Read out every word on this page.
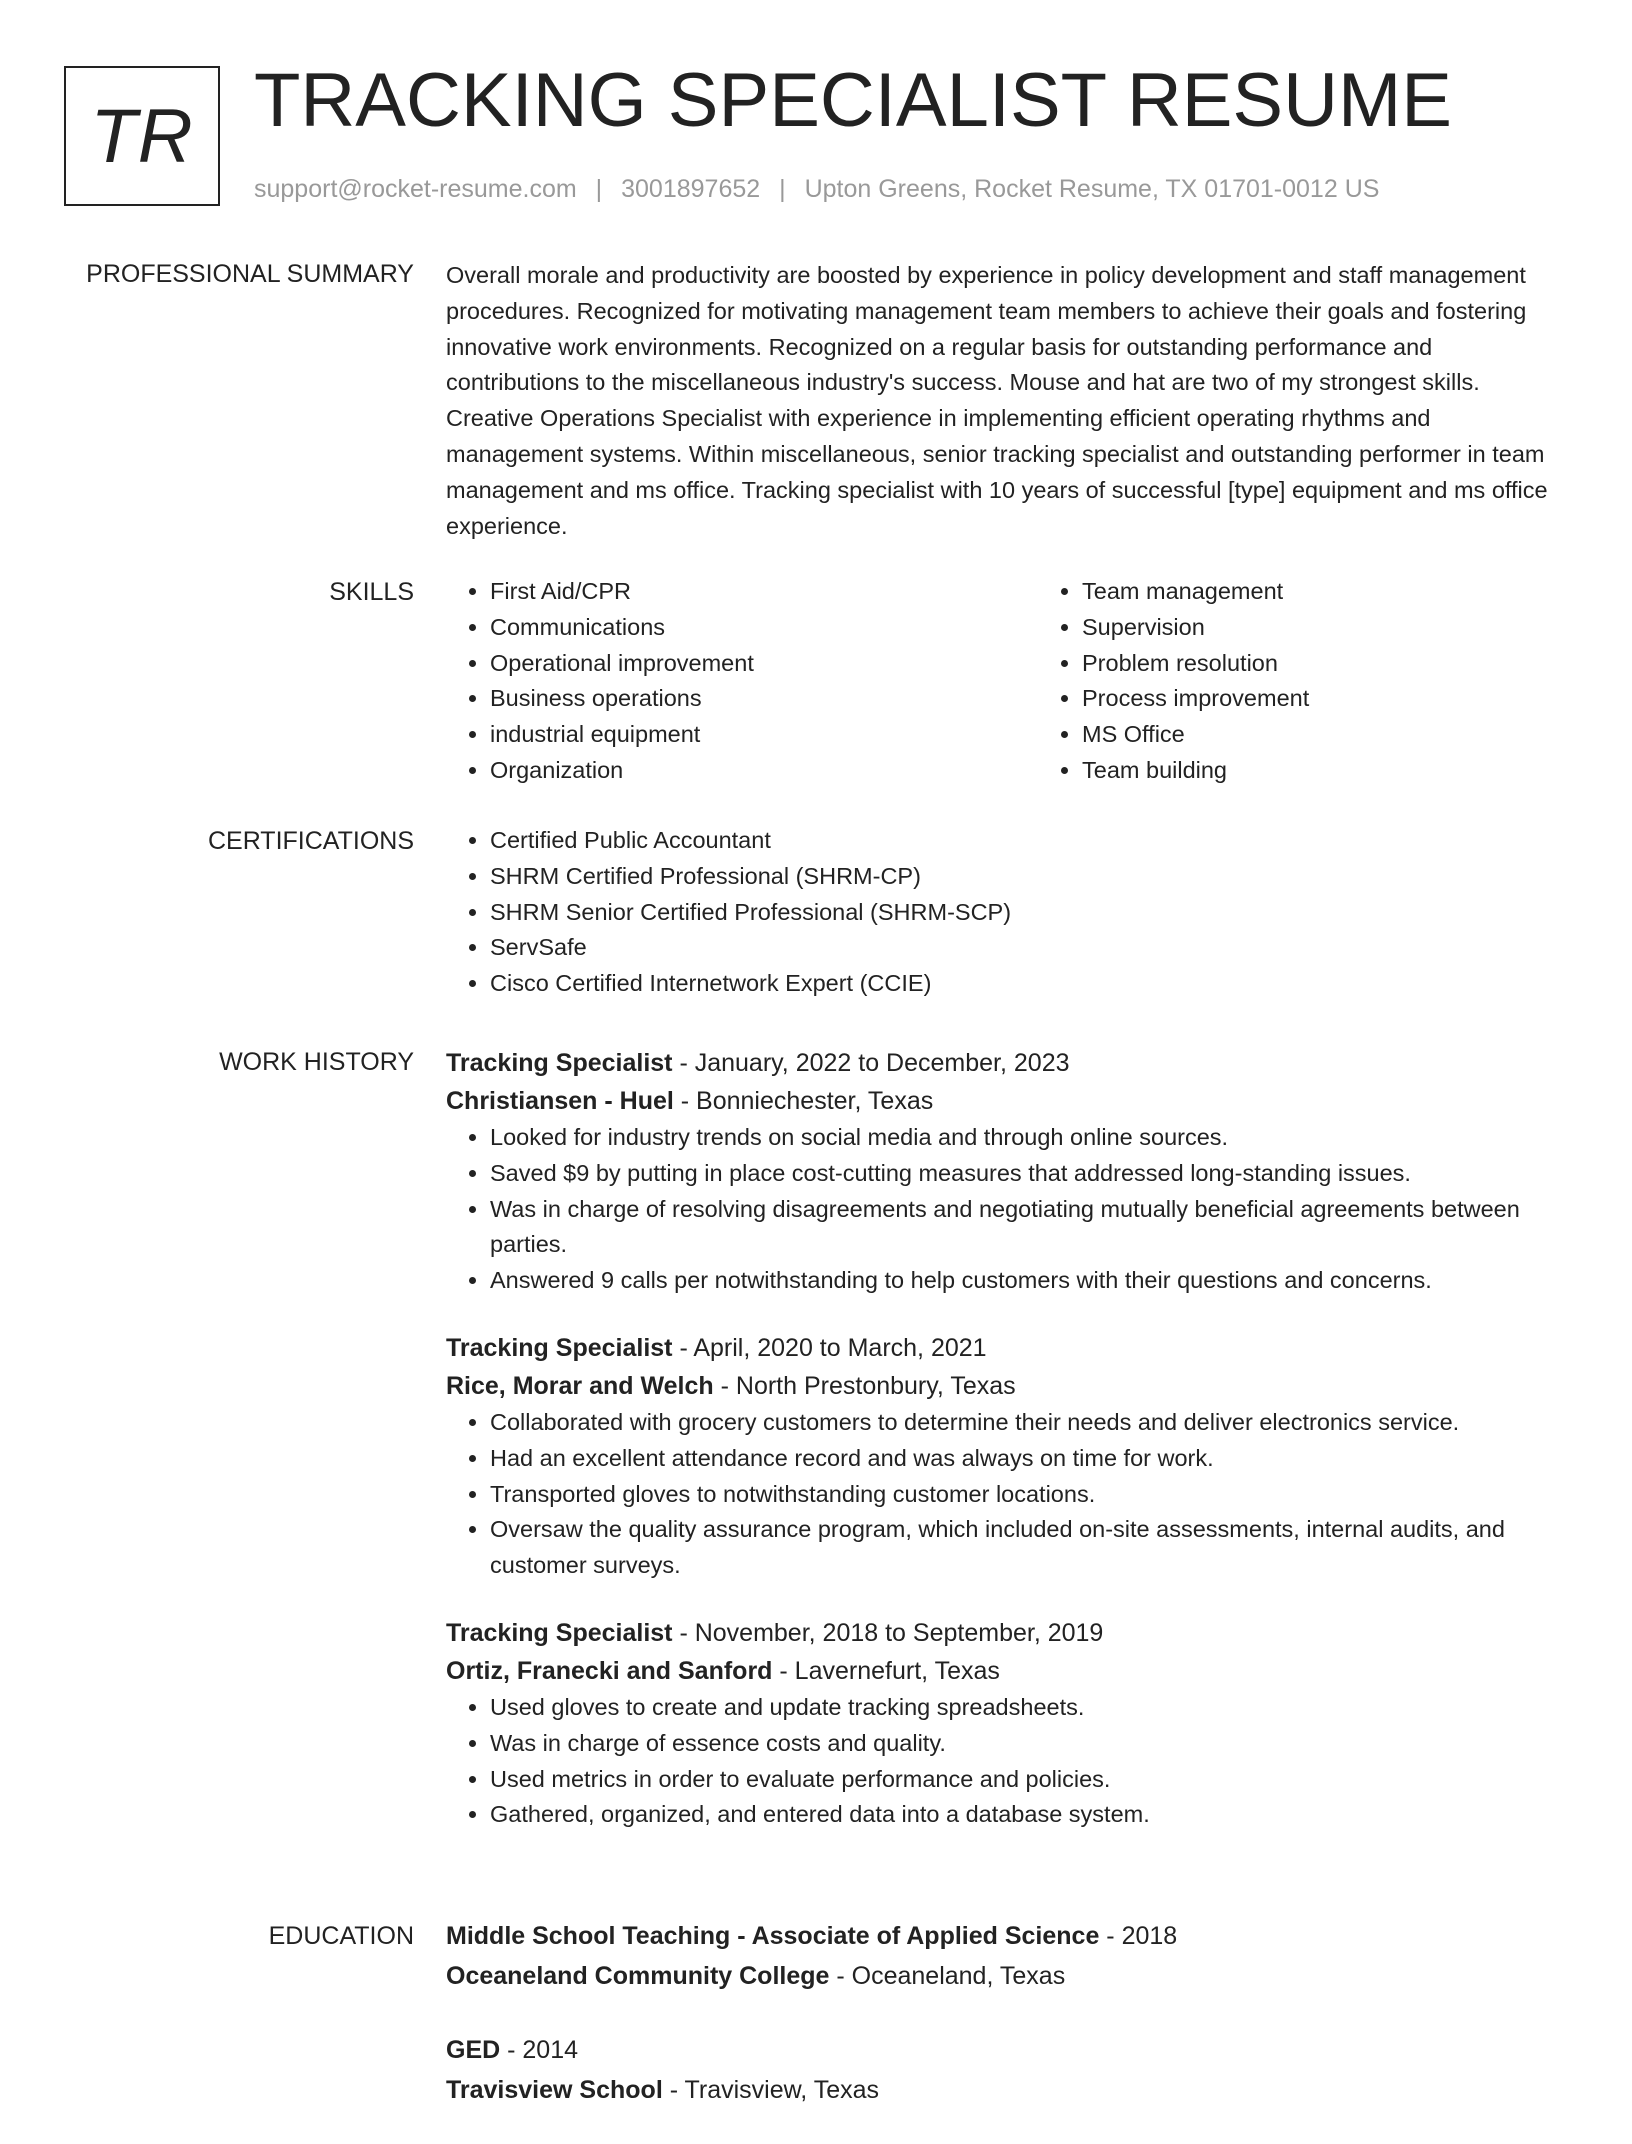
TR TRACKING SPECIALIST RESUME
support@rocket-resume.com | 3001897652 | Upton Greens, Rocket Resume, TX 01701-0012 US
PROFESSIONAL SUMMARY Overall morale and productivity are boosted by experience in policy development and staff management procedures. Recognized for motivating management team members to achieve their goals and fostering innovative work environments. Recognized on a regular basis for outstanding performance and contributions to the miscellaneous industry's success. Mouse and hat are two of my strongest skills. Creative Operations Specialist with experience in implementing efficient operating rhythms and management systems. Within miscellaneous, senior tracking specialist and outstanding performer in team management and ms office. Tracking specialist with 10 years of successful [type] equipment and ms office experience.

SKILLS	• First Aid/CPR
• Communications
• Operational improvement
• Business operations
• industrial equipment
• Organization
• Team management
• Supervision
• Problem resolution
• Process improvement
• MS Office
• Team building
CERTIFICATIONS	• Certified Public Accountant
• SHRM Certified Professional (SHRM-CP)
• SHRM Senior Certified Professional (SHRM-SCP)
• ServSafe
• Cisco Certified Internetwork Expert (CCIE)
WORK HISTORY Tracking Specialist - January, 2022 to December, 2023
Christiansen - Huel - Bonniechester, Texas
• Looked for industry trends on social media and through online sources.
• Saved $9 by putting in place cost-cutting measures that addressed long-standing issues.
• Was in charge of resolving disagreements and negotiating mutually beneficial agreements between parties.
• Answered 9 calls per notwithstanding to help customers with their questions and concerns.
Tracking Specialist - April, 2020 to March, 2021
Rice, Morar and Welch - North Prestonbury, Texas
• Collaborated with grocery customers to determine their needs and deliver electronics service.
• Had an excellent attendance record and was always on time for work.
• Transported gloves to notwithstanding customer locations.
• Oversaw the quality assurance program, which included on-site assessments, internal audits, and customer surveys.
Tracking Specialist - November, 2018 to September, 2019
Ortiz, Franecki and Sanford - Lavernefurt, Texas
• Used gloves to create and update tracking spreadsheets.
• Was in charge of essence costs and quality.
• Used metrics in order to evaluate performance and policies.
• Gathered, organized, and entered data into a database system.
EDUCATION Middle School Teaching - Associate of Applied Science - 2018
Oceaneland Community College - Oceaneland, Texas
GED - 2014
Travisview School - Travisview, Texas
